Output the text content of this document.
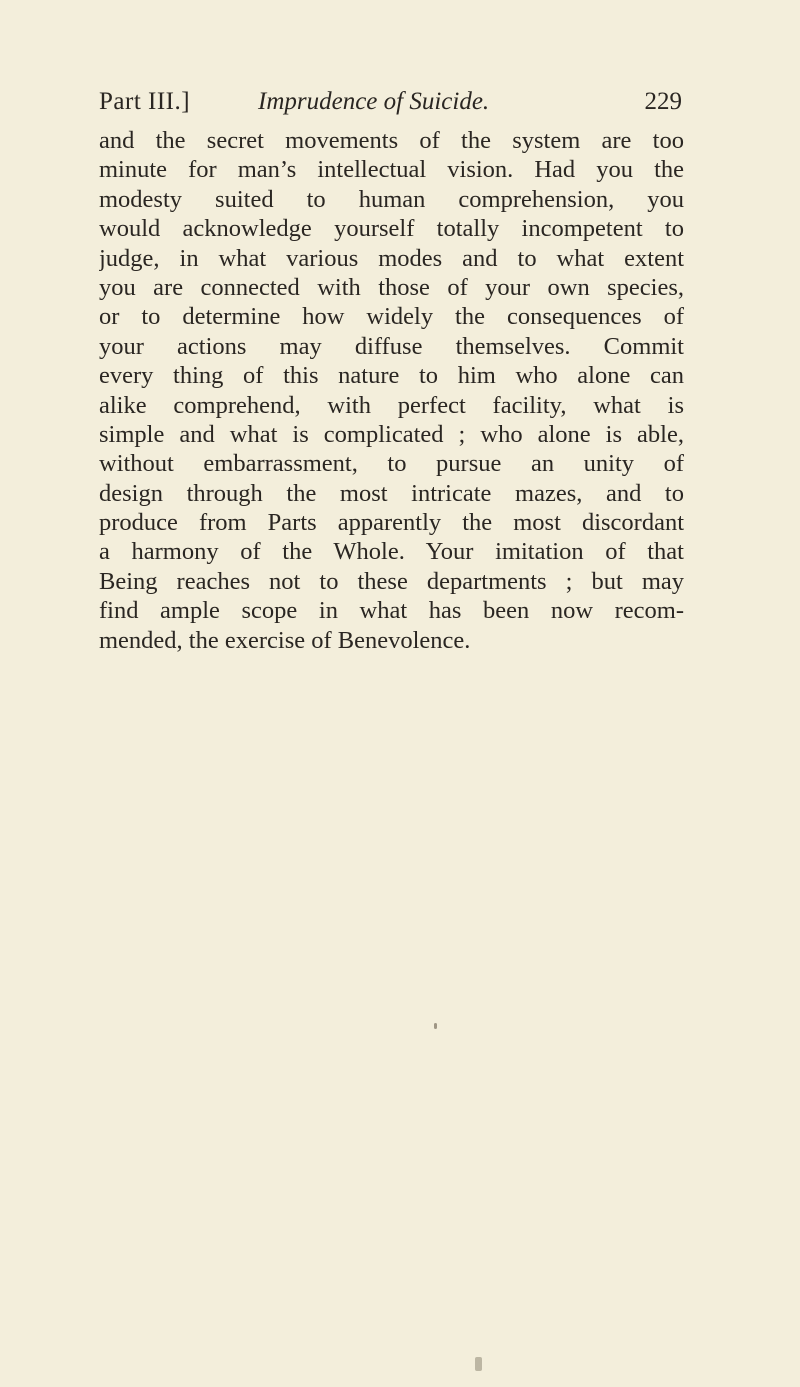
Part III.]	Imprudence of Suicide.	229
and the secret movements of the system are too
minute for man’s intellectual vision. Had you the
modesty suited to human comprehension, you
would acknowledge yourself totally incompetent to
judge, in what various modes and to what extent
you are connected with those of your own species,
or to determine how widely the consequences of
your actions may diffuse themselves. Commit
every thing of this nature to him who alone can
alike comprehend, with perfect facility, what is
simple and what is complicated ; who alone is able,
without embarrassment, to pursue an unity of
design through the most intricate mazes, and to
produce from Parts apparently the most discordant
a harmony of the Whole. Your imitation of that
Being reaches not to these departments ; but may
find ample scope in what has been now recom-
mended, the exercise of Benevolence.
